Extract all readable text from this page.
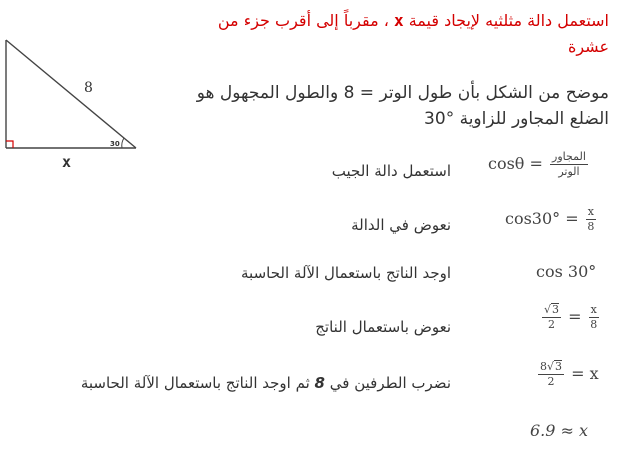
استعمل دالة مثلثيه لإيجاد قيمة x ، مقرباً إلى أقرب جزء من عشرة
8
30
x
موضح من الشكل بأن طول الوتر = 8 والطول المجهول هو
الضلع المجاور للزاوية °30
استعمل دالة الجيب $\cos\theta = \frac{\text{المجاور}}{\text{الوتر}}$
نعوض في الدالة	$\cos 30^\circ = \frac{x}{8}$
اوجد الناتج باستعمال الآلة الحاسبة	cos 30°
نعوض باستعمال الناتج	$\frac{√3}{2} = \frac{x}{8}$
نضرب الطرفين في 8 ثم اوجد الناتج باستعمال الآلة الحاسبة	$\frac{8√3}{2} = x$
6.9 ≈ x
